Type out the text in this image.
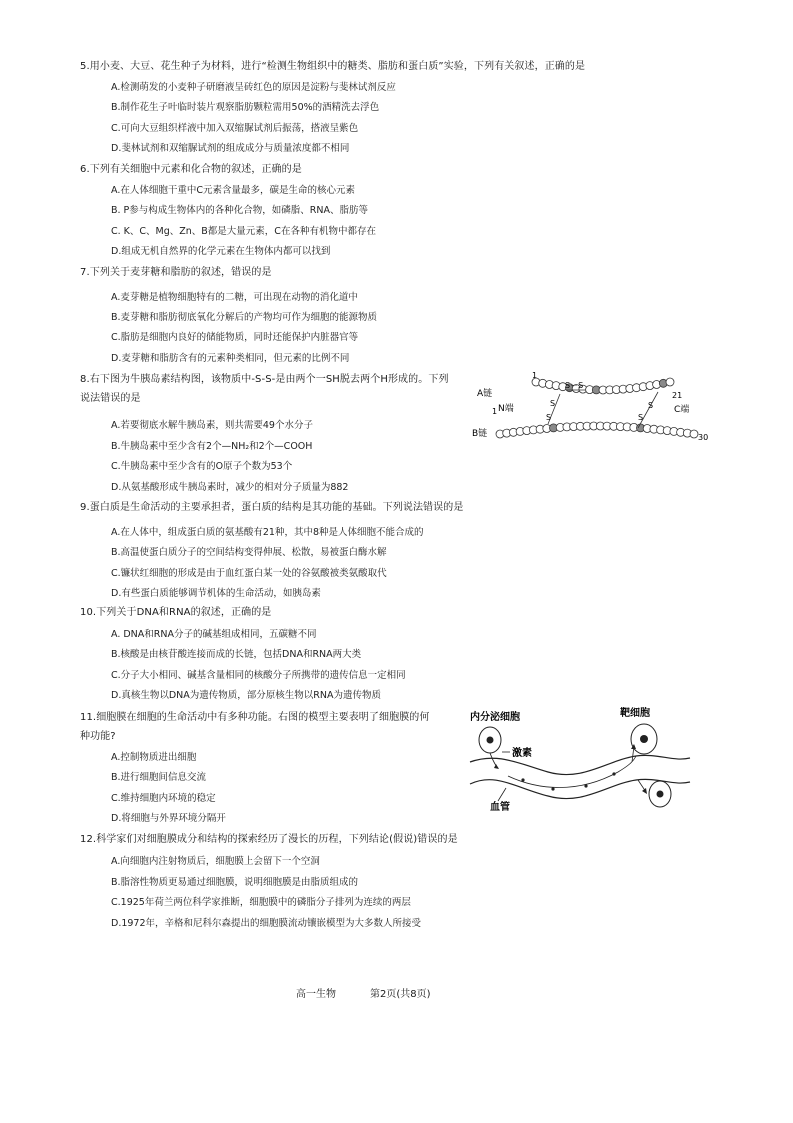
5.用小麦、大豆、花生种子为材料，进行“检测生物组织中的糖类、脂肪和蛋白质”实验，下列有关叙述，正确的是
A.检测萌发的小麦种子研磨液呈砖红色的原因是淀粉与斐林试剂反应
B.制作花生子叶临时装片观察脂肪颗粒需用50%的酒精洗去浮色
C.可向大豆组织样液中加入双缩脲试剂后振荡，搭液呈紫色
D.斐林试剂和双缩脲试剂的组成成分与质量浓度都不相同
6.下列有关细胞中元素和化合物的叙述，正确的是
A.在人体细胞干重中C元素含量最多，碳是生命的核心元素
B. P参与构成生物体内的各种化合物，如磷脂、RNA、脂肪等
C. K、C、Mg、Zn、B都是大量元素，C在各种有机物中都存在
D.组成无机自然界的化学元素在生物体内都可以找到
7.下列关于麦芽糖和脂肪的叙述，错误的是
A.麦芽糖是植物细胞特有的二糖，可出现在动物的消化道中
B.麦芽糖和脂肪彻底氧化分解后的产物均可作为细胞的能源物质
C.脂肪是细胞内良好的储能物质，同时还能保护内脏器官等
D.麦芽糖和脂肪含有的元素种类相同，但元素的比例不同
8.右下图为牛胰岛素结构图，该物质中-S-S-是由两个一SH脱去两个H形成的。下列
说法错误的是
A.若要彻底水解牛胰岛素，则共需要49个水分子
B.牛胰岛素中至少含有2个—NH₂和2个—COOH
C.牛胰岛素中至少含有的O原子个数为53个
D.从氨基酸形成牛胰岛素时，减少的相对分子质量为882
A链
1
1 N端
B链
21
C端
30
S－S
S
S
S
S
9.蛋白质是生命活动的主要承担者，蛋白质的结构是其功能的基础。下列说法错误的是
A.在人体中，组成蛋白质的氨基酸有21种，其中8种是人体细胞不能合成的
B.高温使蛋白质分子的空间结构变得伸展、松散，易被蛋白酶水解
C.镰状红细胞的形成是由于血红蛋白某一处的谷氨酸被类氨酸取代
D.有些蛋白质能够调节机体的生命活动，如胰岛素
10.下列关于DNA和RNA的叙述，正确的是
A. DNA和RNA分子的碱基组成相同，五碳糖不同
B.核酸是由核苷酸连接而成的长链，包括DNA和RNA两大类
C.分子大小相同、碱基含量相同的核酸分子所携带的遗传信息一定相同
D.真核生物以DNA为遗传物质，部分原核生物以RNA为遗传物质
11.细胞膜在细胞的生命活动中有多种功能。右图的模型主要表明了细胞膜的何
种功能?
A.控制物质进出细胞
B.进行细胞间信息交流
C.维持细胞内环境的稳定
D.将细胞与外界环境分隔开
内分泌细胞	靶细胞
激素
血管
12.科学家们对细胞膜成分和结构的探索经历了漫长的历程，下列结论(假说)错误的是
A.向细胞内注射物质后，细胞膜上会留下一个空洞
B.脂溶性物质更易通过细胞膜，说明细胞膜是由脂质组成的
C.1925年荷兰两位科学家推断，细胞膜中的磷脂分子排列为连续的两层
D.1972年，辛格和尼科尔森提出的细胞膜流动镶嵌模型为大多数人所接受
高一生物	第2页(共8页)
